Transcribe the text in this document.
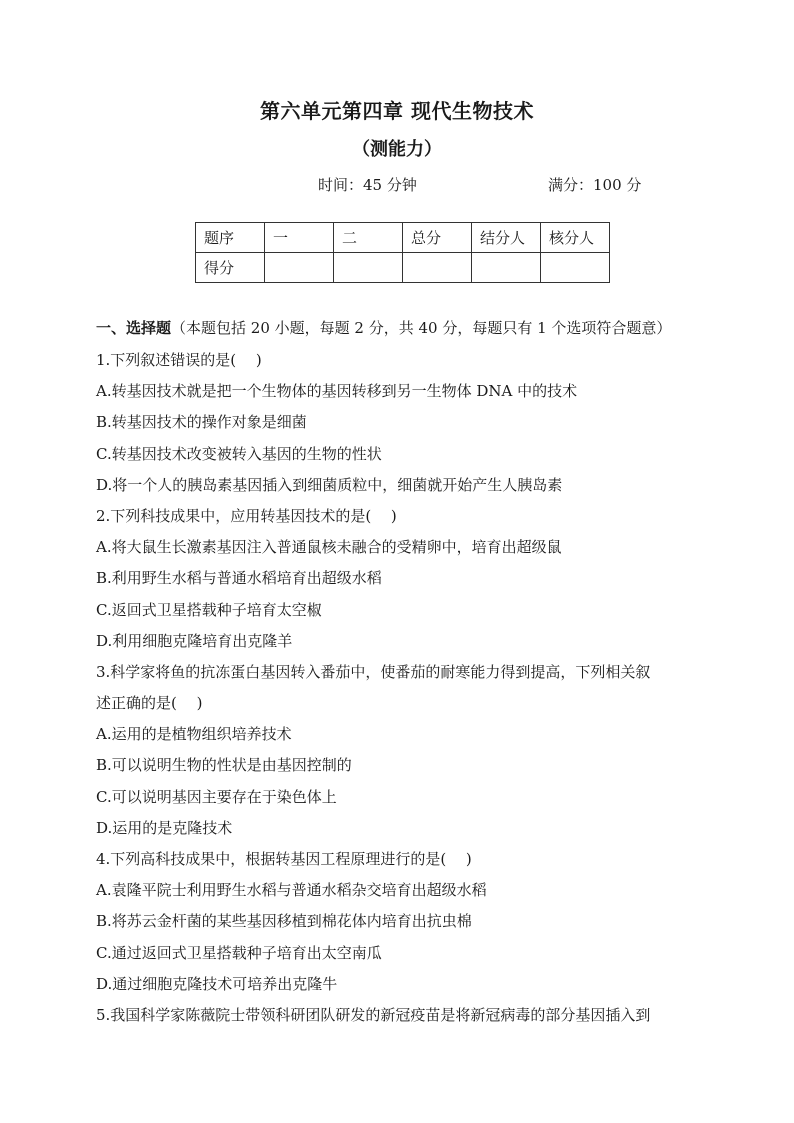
第六单元第四章 现代生物技术
（测能力）
时间：45 分钟	满分：100 分
题序	一	二	总分	结分人	核分人
得分					
一、选择题（本题包括 20 小题，每题 2 分，共 40 分，每题只有 1 个选项符合题意）
1.下列叙述错误的是(　 )
A.转基因技术就是把一个生物体的基因转移到另一生物体 DNA 中的技术
B.转基因技术的操作对象是细菌
C.转基因技术改变被转入基因的生物的性状
D.将一个人的胰岛素基因插入到细菌质粒中，细菌就开始产生人胰岛素
2.下列科技成果中，应用转基因技术的是(　 )
A.将大鼠生长激素基因注入普通鼠核未融合的受精卵中，培育出超级鼠
B.利用野生水稻与普通水稻培育出超级水稻
C.返回式卫星搭载种子培育太空椒
D.利用细胞克隆培育出克隆羊
3.科学家将鱼的抗冻蛋白基因转入番茄中，使番茄的耐寒能力得到提高，下列相关叙
述正确的是(　 )
A.运用的是植物组织培养技术
B.可以说明生物的性状是由基因控制的
C.可以说明基因主要存在于染色体上
D.运用的是克隆技术
4.下列高科技成果中，根据转基因工程原理进行的是(　 )
A.袁隆平院士利用野生水稻与普通水稻杂交培育出超级水稻
B.将苏云金杆菌的某些基因移植到棉花体内培育出抗虫棉
C.通过返回式卫星搭载种子培育出太空南瓜
D.通过细胞克隆技术可培养出克隆牛
5.我国科学家陈薇院士带领科研团队研发的新冠疫苗是将新冠病毒的部分基因插入到
